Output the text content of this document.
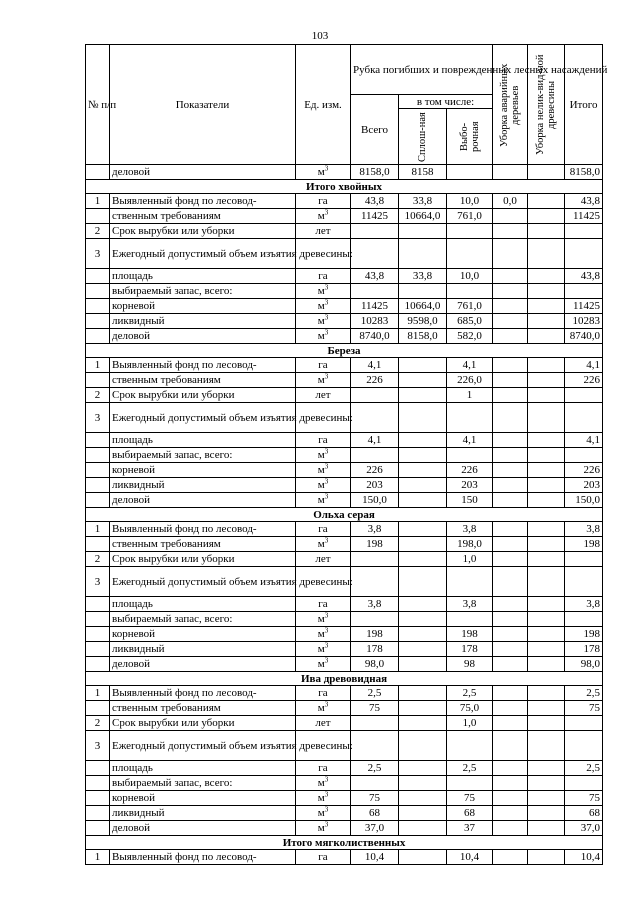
103
№ п/п	Показатели	Ед. изм.	Рубка погибших и поврежденных лесных насаждений			Уборка аварийных деревьев	Уборка нелик-вид-ной древесины	Итого
			Всего	в том числе:				

				Сплош-ная	Выбо-рочная			

	деловой	$м^3$	8158,0	8158				8158,0
Итого хвойных								
1	Выявленный фонд по лесовод-	га	43,8	33,8	10,0	0,0		43,8
	ственным требованиям	$м^3$	11425	10664,0	761,0			11425
2	Срок вырубки или уборки	лет						
3	Ежегодный допустимый объем изъятия древесины:							
	площадь	га	43,8	33,8	10,0			43,8
	выбираемый запас, всего:	$м^3$						
	корневой	$м^3$	11425	10664,0	761,0			11425
	ликвидный	$м^3$	10283	9598,0	685,0			10283
	деловой	$м^3$	8740,0	8158,0	582,0			8740,0
Береза								
1	Выявленный фонд по лесовод-	га	4,1		4,1			4,1
	ственным требованиям	$м^3$	226		226,0			226
2	Срок вырубки или уборки	лет			1			
3	Ежегодный допустимый объем изъятия древесины:							
	площадь	га	4,1		4,1			4,1
	выбираемый запас, всего:	$м^3$						
	корневой	$м^3$	226		226			226
	ликвидный	$м^3$	203		203			203
	деловой	$м^3$	150,0		150			150,0
Ольха серая								
1	Выявленный фонд по лесовод-	га	3,8		3,8			3,8
	ственным требованиям	$м^3$	198		198,0			198
2	Срок вырубки или уборки	лет			1,0			
3	Ежегодный допустимый объем изъятия древесины:							
	площадь	га	3,8		3,8			3,8
	выбираемый запас, всего:	$м^3$						
	корневой	$м^3$	198		198			198
	ликвидный	$м^3$	178		178			178
	деловой	$м^3$	98,0		98			98,0
Ива древовидная								
1	Выявленный фонд по лесовод-	га	2,5		2,5			2,5
	ственным требованиям	$м^3$	75		75,0			75
2	Срок вырубки или уборки	лет			1,0			
3	Ежегодный допустимый объем изъятия древесины:							
	площадь	га	2,5		2,5			2,5
	выбираемый запас, всего:	$м^3$						
	корневой	$м^3$	75		75			75
	ликвидный	$м^3$	68		68			68
	деловой	$м^3$	37,0		37			37,0
Итого мягколиственных								
1	Выявленный фонд по лесовод-	га	10,4		10,4			10,4
